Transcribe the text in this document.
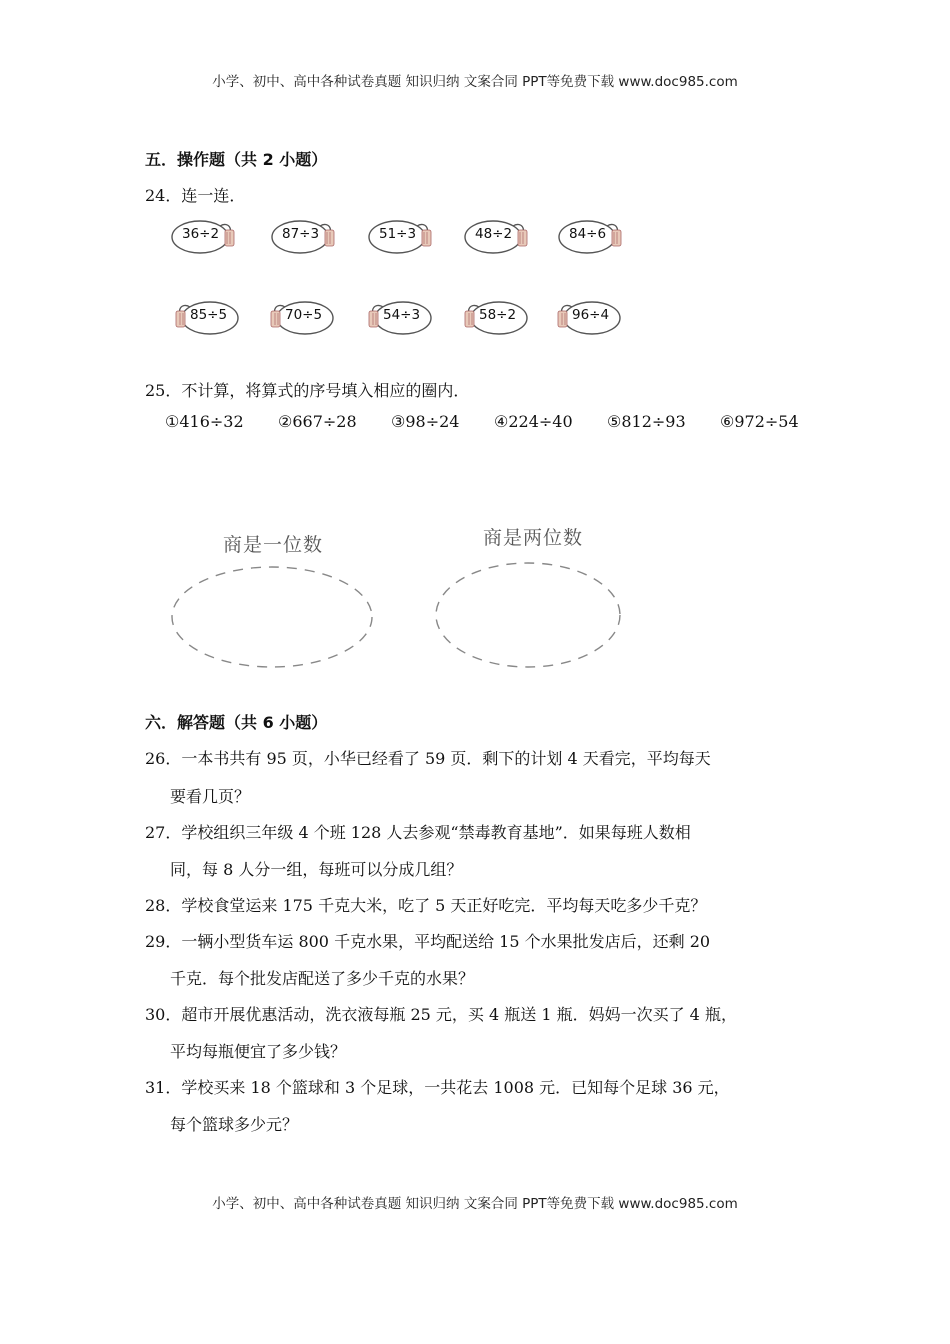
小学、初中、高中各种试卷真题 知识归纳 文案合同 PPT等免费下载 www.doc985.com
五．操作题（共 2 小题）
24．连一连．
36÷2	87÷3	51÷3	48÷2	84÷6
85÷5	70÷5	54÷3	58÷2	96÷4
25．不计算，将算式的序号填入相应的圈内．
①416÷32 ②667÷28 ③98÷24 ④224÷40 ⑤812÷93 ⑥972÷54
商是一位数	商是两位数
六．解答题（共 6 小题）
26．一本书共有 95 页，小华已经看了 59 页．剩下的计划 4 天看完，平均每天
要看几页？
27．学校组织三年级 4 个班 128 人去参观“禁毒教育基地”．如果每班人数相
同，每 8 人分一组，每班可以分成几组？
28．学校食堂运来 175 千克大米，吃了 5 天正好吃完．平均每天吃多少千克？
29．一辆小型货车运 800 千克水果，平均配送给 15 个水果批发店后，还剩 20
千克．每个批发店配送了多少千克的水果？
30．超市开展优惠活动，洗衣液每瓶 25 元，买 4 瓶送 1 瓶．妈妈一次买了 4 瓶，
平均每瓶便宜了多少钱？
31．学校买来 18 个篮球和 3 个足球，一共花去 1008 元．已知每个足球 36 元，
每个篮球多少元？
小学、初中、高中各种试卷真题 知识归纳 文案合同 PPT等免费下载 www.doc985.com
